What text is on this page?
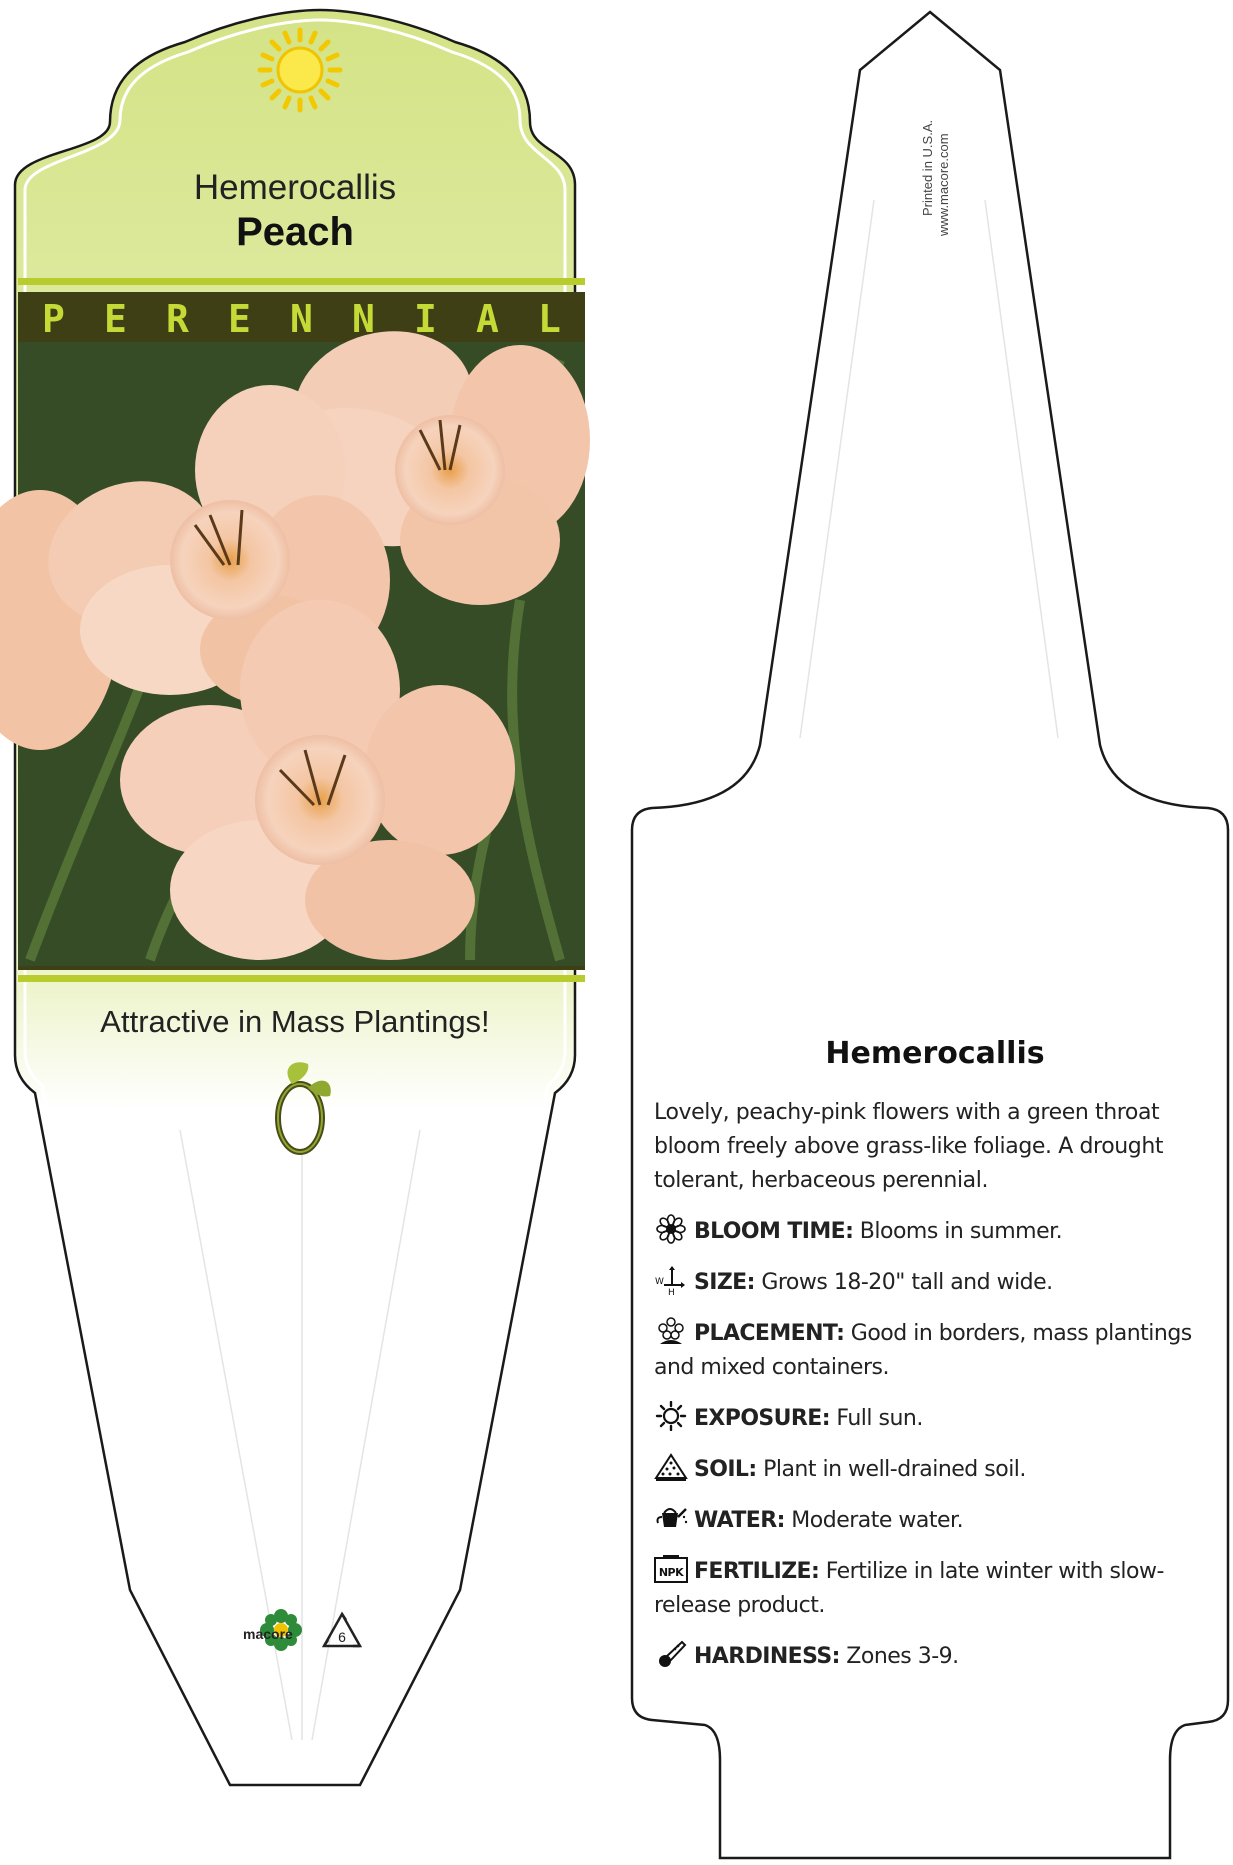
Hemerocallis
Peach
P E R E N N I A L
Attractive in Mass Plantings!
macore	6
Printed in U.S.A. www.macore.com
Hemerocallis
Lovely, peachy-pink flowers with a green throat bloom freely above grass-like foliage. A drought tolerant, herbaceous perennial.
BLOOM TIME: Blooms in summer.
W
H SIZE: Grows 18-20" tall and wide.
PLACEMENT: Good in borders, mass plantings and mixed containers.
EXPOSURE: Full sun.
SOIL: Plant in well-drained soil.
WATER: Moderate water.
NPK FERTILIZE: Fertilize in late winter with slow-release product.
HARDINESS: Zones 3-9.
